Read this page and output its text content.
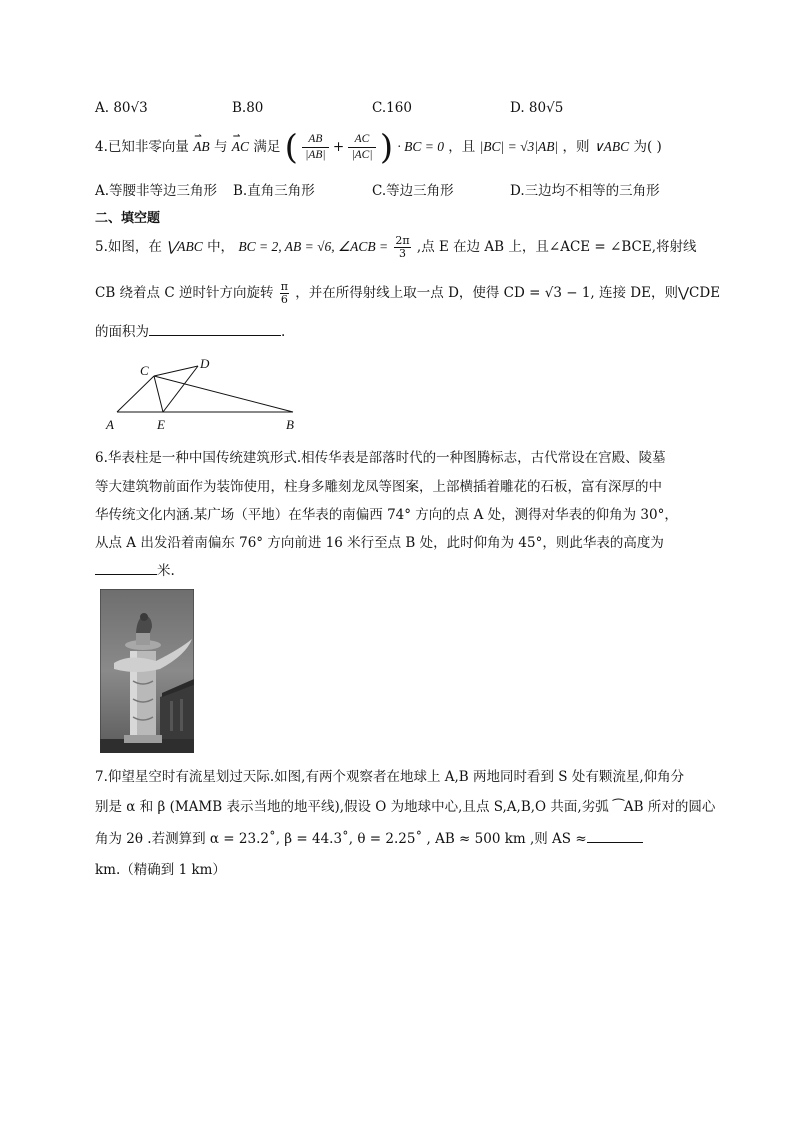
A. 80√3	B.80	C.160	D. 80√5
4.已知非零向量 ⇀ AB 与 ⇀ AC 满足 ( $\frac{AB}{|AB|} + \frac{AC}{|AC|}$ ) · BC = 0 ，且 |BC| = √3|AB| ，则 ∨ABC 为( )
A.等腰非等边三角形 B.直角三角形	C.等边三角形	D.三边均不相等的三角形
二、填空题
5.如图，在 ⋁ABC 中， BC = 2, AB = √6, ∠ACB = $\frac{2\pi}{3}$ ,点 E 在边 AB 上，且∠ACE = ∠BCE,将射线
CB 绕着点 C 逆时针方向旋转 $\frac{\pi}{6}$ ，并在所得射线上取一点 D，使得 CD = √3 − 1, 连接 DE，则⋁CDE
的面积为	.
C	D
A	E	B
6.华表柱是一种中国传统建筑形式.相传华表是部落时代的一种图腾标志，古代常设在宫殿、陵墓
等大建筑物前面作为装饰使用，柱身多雕刻龙凤等图案，上部横插着雕花的石板，富有深厚的中
华传统文化内涵.某广场（平地）在华表的南偏西 74° 方向的点 A 处，测得对华表的仰角为 30°，
从点 A 出发沿着南偏东 76° 方向前进 16 米行至点 B 处，此时仰角为 45°，则此华表的高度为
米.
7.仰望星空时有流星划过天际.如图,有两个观察者在地球上 A,B 两地同时看到 S 处有颗流星,仰角分
别是 α 和 β (MAMB 表示当地的地平线),假设 O 为地球中心,且点 S,A,B,O 共面,劣弧 ⁀AB 所对的圆心
角为 2θ .若测算到 α = 23.2˚, β = 44.3˚, θ = 2.25˚ , AB ≈ 500 km ,则 AS ≈
km.（精确到 1 km）
